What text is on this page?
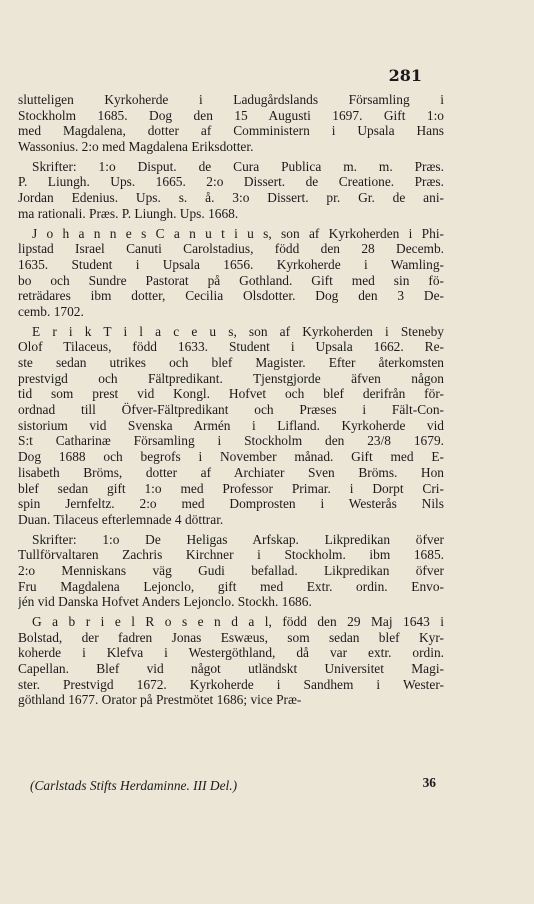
281
slutteligen Kyrkoherde i Ladugårdslands Församling i
Stockholm 1685. Dog den 15 Augusti 1697. Gift 1:o
med Magdalena, dotter af Comministern i Upsala Hans
Wassonius. 2:o med Magdalena Eriksdotter.
Skrifter: 1:o Disput. de Cura Publica m. m. Præs.
P. Liungh. Ups. 1665. 2:o Dissert. de Creatione. Præs.
Jordan Edenius. Ups. s. å. 3:o Dissert. pr. Gr. de ani-
ma rationali. Præs. P. Liungh. Ups. 1668.
J o h a n n e s C a n u t i u s, son af Kyrkoherden i Phi-
lipstad Israel Canuti Carolstadius, född den 28 Decemb.
1635. Student i Upsala 1656. Kyrkoherde i Wamling-
bo och Sundre Pastorat på Gothland. Gift med sin fö-
reträdares ibm dotter, Cecilia Olsdotter. Dog den 3 De-
cemb. 1702.
E r i k T i l a c e u s, son af Kyrkoherden i Steneby
Olof Tilaceus, född 1633. Student i Upsala 1662. Re-
ste sedan utrikes och blef Magister. Efter återkomsten
prestvigd och Fältpredikant. Tjenstgjorde äfven någon
tid som prest vid Kongl. Hofvet och blef derifrån för-
ordnad till Öfver-Fältpredikant och Præses i Fält-Con-
sistorium vid Svenska Armén i Lifland. Kyrkoherde vid
S:t Catharinæ Församling i Stockholm den 23/8 1679.
Dog 1688 och begrofs i November månad. Gift med E-
lisabeth Bröms, dotter af Archiater Sven Bröms. Hon
blef sedan gift 1:o med Professor Primar. i Dorpt Cri-
spin Jernfeltz. 2:o med Domprosten i Westerås Nils
Duan. Tilaceus efterlemnade 4 döttrar.
Skrifter: 1:o De Heligas Arfskap. Likpredikan öfver
Tullförvaltaren Zachris Kirchner i Stockholm. ibm 1685.
2:o Menniskans väg Gudi befallad. Likpredikan öfver
Fru Magdalena Lejonclo, gift med Extr. ordin. Envo-
jén vid Danska Hofvet Anders Lejonclo. Stockh. 1686.
G a b r i e l R o s e n d a l, född den 29 Maj 1643 i
Bolstad, der fadren Jonas Eswæus, som sedan blef Kyr-
koherde i Klefva i Westergöthland, då var extr. ordin.
Capellan. Blef vid något utländskt Universitet Magi-
ster. Prestvigd 1672. Kyrkoherde i Sandhem i Wester-
göthland 1677. Orator på Prestmötet 1686; vice Præ-
(Carlstads Stifts Herdaminne. III Del.)	36
